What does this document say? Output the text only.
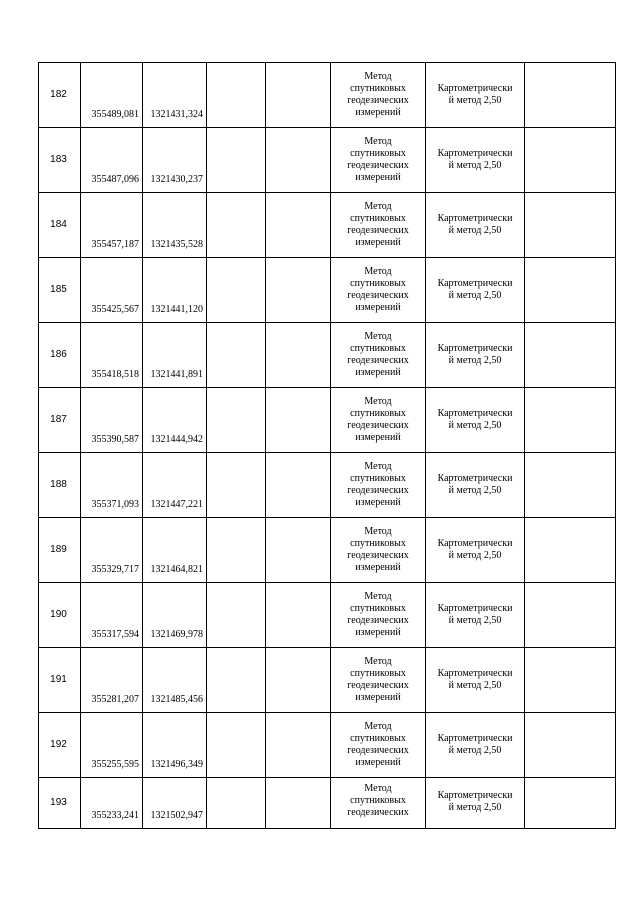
182	355489,081	1321431,324			Метод
спутниковых
геодезических
измерений	Картометрически
й метод 2,50	

183	355487,096	1321430,237			Метод
спутниковых
геодезических
измерений	Картометрически
й метод 2,50	

184	355457,187	1321435,528			Метод
спутниковых
геодезических
измерений	Картометрически
й метод 2,50	

185	355425,567	1321441,120			Метод
спутниковых
геодезических
измерений	Картометрически
й метод 2,50	

186	355418,518	1321441,891			Метод
спутниковых
геодезических
измерений	Картометрически
й метод 2,50	

187	355390,587	1321444,942			Метод
спутниковых
геодезических
измерений	Картометрически
й метод 2,50	

188	355371,093	1321447,221			Метод
спутниковых
геодезических
измерений	Картометрически
й метод 2,50	

189	355329,717	1321464,821			Метод
спутниковых
геодезических
измерений	Картометрически
й метод 2,50	

190	355317,594	1321469,978			Метод
спутниковых
геодезических
измерений	Картометрически
й метод 2,50	

191	355281,207	1321485,456			Метод
спутниковых
геодезических
измерений	Картометрически
й метод 2,50	

192	355255,595	1321496,349			Метод
спутниковых
геодезических
измерений	Картометрически
й метод 2,50	

193	355233,241	1321502,947			Метод
спутниковых
геодезических	Картометрически
й метод 2,50	
